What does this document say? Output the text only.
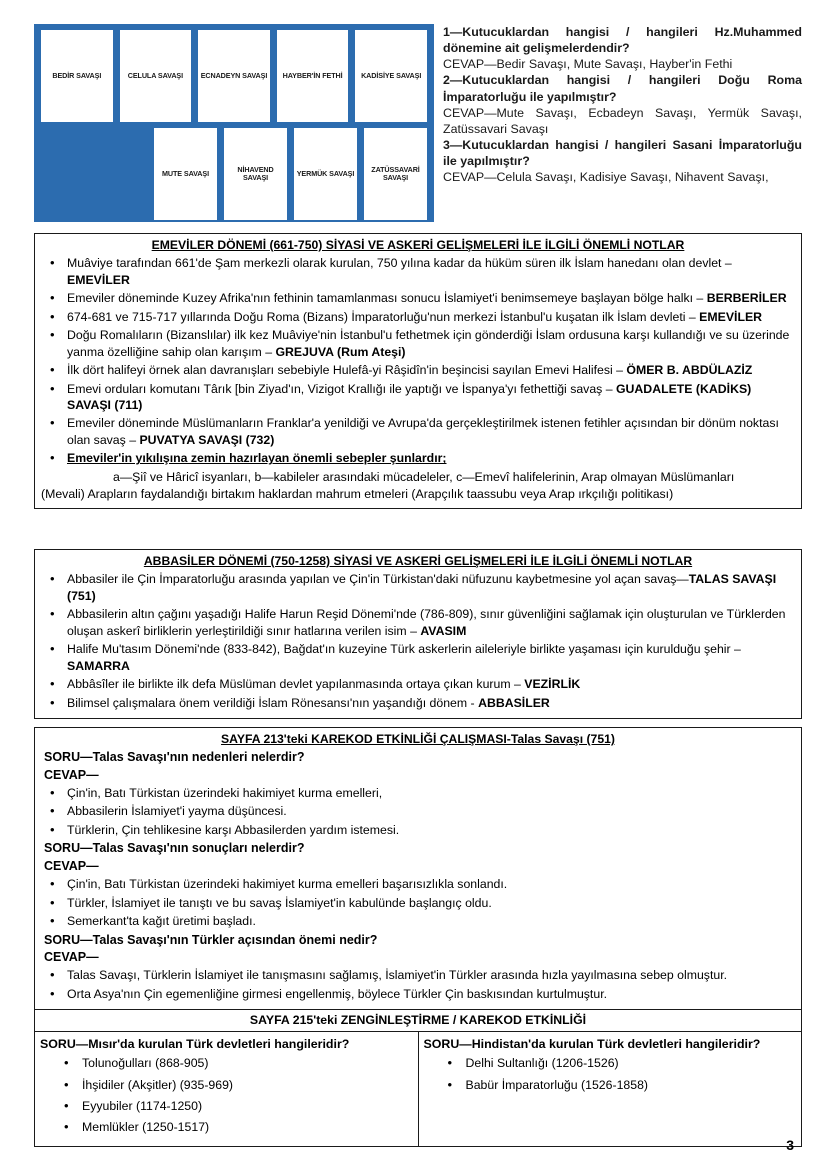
BEDİR SAVAŞI	CELULA SAVAŞI	ECNADEYN SAVAŞI	HAYBER'İN FETHİ	KADİSİYE SAVAŞI
MUTE SAVAŞI	NİHAVEND SAVAŞI	YERMÜK SAVAŞI	ZATÜSSAVARİ SAVAŞI

1—Kutucuklardan hangisi / hangileri Hz.Muhammed dönemine ait gelişmelerdendir?

CEVAP—Bedir Savaşı, Mute Savaşı, Hayber'in Fethi

2—Kutucuklardan hangisi / hangileri Doğu Roma İmparatorluğu ile yapılmıştır?

CEVAP—Mute Savaşı, Ecbadeyn Savaşı, Yermük Savaşı, Zatüssavari Savaşı

3—Kutucuklardan hangisi / hangileri Sasani İmparatorluğu ile yapılmıştır?

CEVAP—Celula Savaşı, Kadisiye Savaşı, Nihavent Savaşı,

EMEVİLER DÖNEMİ (661-750) SİYASİ VE ASKERİ GELİŞMELERİ İLE İLGİLİ ÖNEMLİ NOTLAR
• Muâviye tarafından 661'de Şam merkezli olarak kurulan, 750 yılına kadar da hüküm süren ilk İslam hanedanı olan devlet – EMEVİLER
• Emeviler döneminde Kuzey Afrika'nın fethinin tamamlanması sonucu İslamiyet'i benimsemeye başlayan bölge halkı – BERBERİLER
• 674-681 ve 715-717 yıllarında Doğu Roma (Bizans) İmparatorluğu'nun merkezi İstanbul'u kuşatan ilk İslam devleti – EMEVİLER
• Doğu Romalıların (Bizanslılar) ilk kez Muâviye'nin İstanbul'u fethetmek için gönderdiği İslam ordusuna karşı kullandığı ve su üzerinde yanma özelliğine sahip olan karışım – GREJUVA (Rum Ateşi)
• İlk dört halifeyi örnek alan davranışları sebebiyle Hulefâ-yi Râşidîn'in beşincisi sayılan Emevi Halifesi – ÖMER B. ABDÜLAZİZ
• Emevi orduları komutanı Târık [bin Ziyad'ın, Vizigot Krallığı ile yaptığı ve İspanya'yı fethettiği savaş – GUADALETE (KADİKS) SAVAŞI (711)
• Emeviler döneminde Müslümanların Franklar'a yenildiği ve Avrupa'da gerçekleştirilmek istenen fetihler açısından bir dönüm noktası olan savaş – PUVATYA SAVAŞI (732)
• Emeviler'in yıkılışına zemin hazırlayan önemli sebepler şunlardır;

a—Şiî ve Hâricî isyanları, b—kabileler arasındaki mücadeleler, c—Emevî halifelerinin, Arap olmayan Müslümanları

(Mevali) Arapların faydalandığı birtakım haklardan mahrum etmeleri (Arapçılık taassubu veya Arap ırkçılığı politikası)

ABBASİLER DÖNEMİ (750-1258) SİYASİ VE ASKERİ GELİŞMELERİ İLE İLGİLİ ÖNEMLİ NOTLAR
• Abbasiler ile Çin İmparatorluğu arasında yapılan ve Çin'in Türkistan'daki nüfuzunu kaybetmesine yol açan savaş—TALAS SAVAŞI (751)
• Abbasilerin altın çağını yaşadığı Halife Harun Reşid Dönemi'nde (786-809), sınır güvenliğini sağlamak için oluşturulan ve Türklerden oluşan askerî birliklerin yerleştirildiği sınır hatlarına verilen isim – AVASIM
• Halife Mu'tasım Dönemi'nde (833-842), Bağdat'ın kuzeyine Türk askerlerin aileleriyle birlikte yaşaması için kurulduğu şehir – SAMARRA
• Abbâsîler ile birlikte ilk defa Müslüman devlet yapılanmasında ortaya çıkan kurum – VEZİRLİK
• Bilimsel çalışmalara önem verildiği İslam Rönesansı'nın yaşandığı dönem - ABBASİLER
SAYFA 213'teki KAREKOD ETKİNLİĞİ ÇALIŞMASI-Talas Savaşı (751)

SORU—Talas Savaşı'nın nedenleri nelerdir?

CEVAP—

• Çin'in, Batı Türkistan üzerindeki hakimiyet kurma emelleri,
• Abbasilerin İslamiyet'i yayma düşüncesi.
• Türklerin, Çin tehlikesine karşı Abbasilerden yardım istemesi.

SORU—Talas Savaşı'nın sonuçları nelerdir?

CEVAP—

• Çin'in, Batı Türkistan üzerindeki hakimiyet kurma emelleri başarısızlıkla sonlandı.
• Türkler, İslamiyet ile tanıştı ve bu savaş İslamiyet'in kabulünde başlangıç oldu.
• Semerkant'ta kağıt üretimi başladı.

SORU—Talas Savaşı'nın Türkler açısından önemi nedir?

CEVAP—

• Talas Savaşı, Türklerin İslamiyet ile tanışmasını sağlamış, İslamiyet'in Türkler arasında hızla yayılmasına sebep olmuştur.
• Orta Asya'nın Çin egemenliğine girmesi engellenmiş, böylece Türkler Çin baskısından kurtulmuştur.
SAYFA 215'teki ZENGİNLEŞTİRME / KAREKOD ETKİNLİĞİ
SORU—Mısır'da kurulan Türk devletleri hangileridir?
• Tolunoğulları (868-905)
• İhşidiler (Akşitler) (935-969)
• Eyyubiler (1174-1250)
• Memlükler (1250-1517)
SORU—Hindistan'da kurulan Türk devletleri hangileridir?
• Delhi Sultanlığı (1206-1526)
• Babür İmparatorluğu (1526-1858)
3
